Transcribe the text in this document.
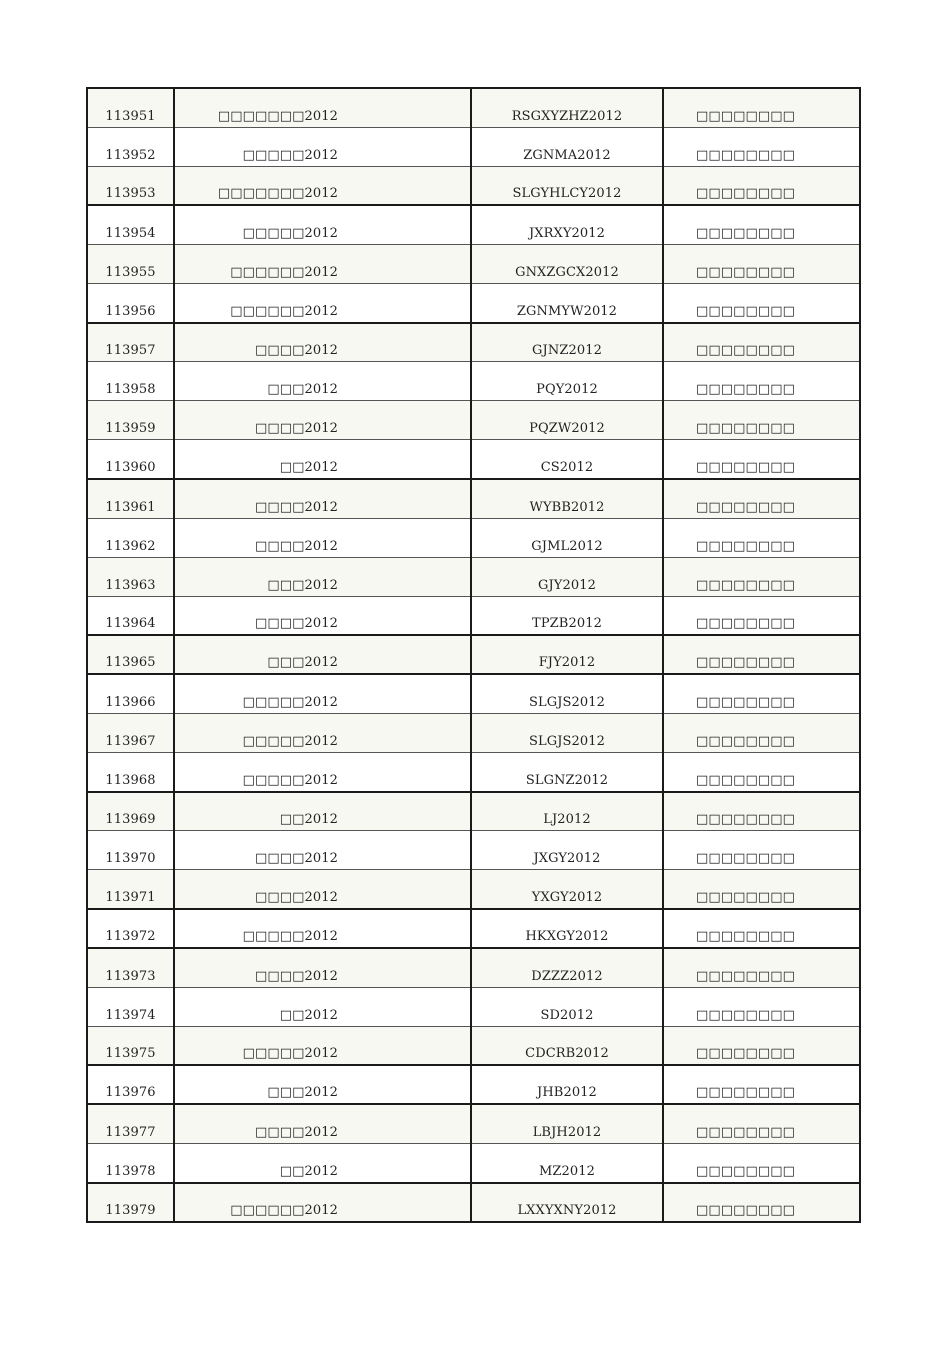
113951	□□□□□□□2012	RSGXYZHZ2012	□□□□□□□□
113952	□□□□□2012	ZGNMA2012	□□□□□□□□
113953	□□□□□□□2012	SLGYHLCY2012	□□□□□□□□
113954	□□□□□2012	JXRXY2012	□□□□□□□□
113955	□□□□□□2012	GNXZGCX2012	□□□□□□□□
113956	□□□□□□2012	ZGNMYW2012	□□□□□□□□
113957	□□□□2012	GJNZ2012	□□□□□□□□
113958	□□□2012	PQY2012	□□□□□□□□
113959	□□□□2012	PQZW2012	□□□□□□□□
113960	□□2012	CS2012	□□□□□□□□
113961	□□□□2012	WYBB2012	□□□□□□□□
113962	□□□□2012	GJML2012	□□□□□□□□
113963	□□□2012	GJY2012	□□□□□□□□
113964	□□□□2012	TPZB2012	□□□□□□□□
113965	□□□2012	FJY2012	□□□□□□□□
113966	□□□□□2012	SLGJS2012	□□□□□□□□
113967	□□□□□2012	SLGJS2012	□□□□□□□□
113968	□□□□□2012	SLGNZ2012	□□□□□□□□
113969	□□2012	LJ2012	□□□□□□□□
113970	□□□□2012	JXGY2012	□□□□□□□□
113971	□□□□2012	YXGY2012	□□□□□□□□
113972	□□□□□2012	HKXGY2012	□□□□□□□□
113973	□□□□2012	DZZZ2012	□□□□□□□□
113974	□□2012	SD2012	□□□□□□□□
113975	□□□□□2012	CDCRB2012	□□□□□□□□
113976	□□□2012	JHB2012	□□□□□□□□
113977	□□□□2012	LBJH2012	□□□□□□□□
113978	□□2012	MZ2012	□□□□□□□□
113979	□□□□□□2012	LXXYXNY2012	□□□□□□□□
